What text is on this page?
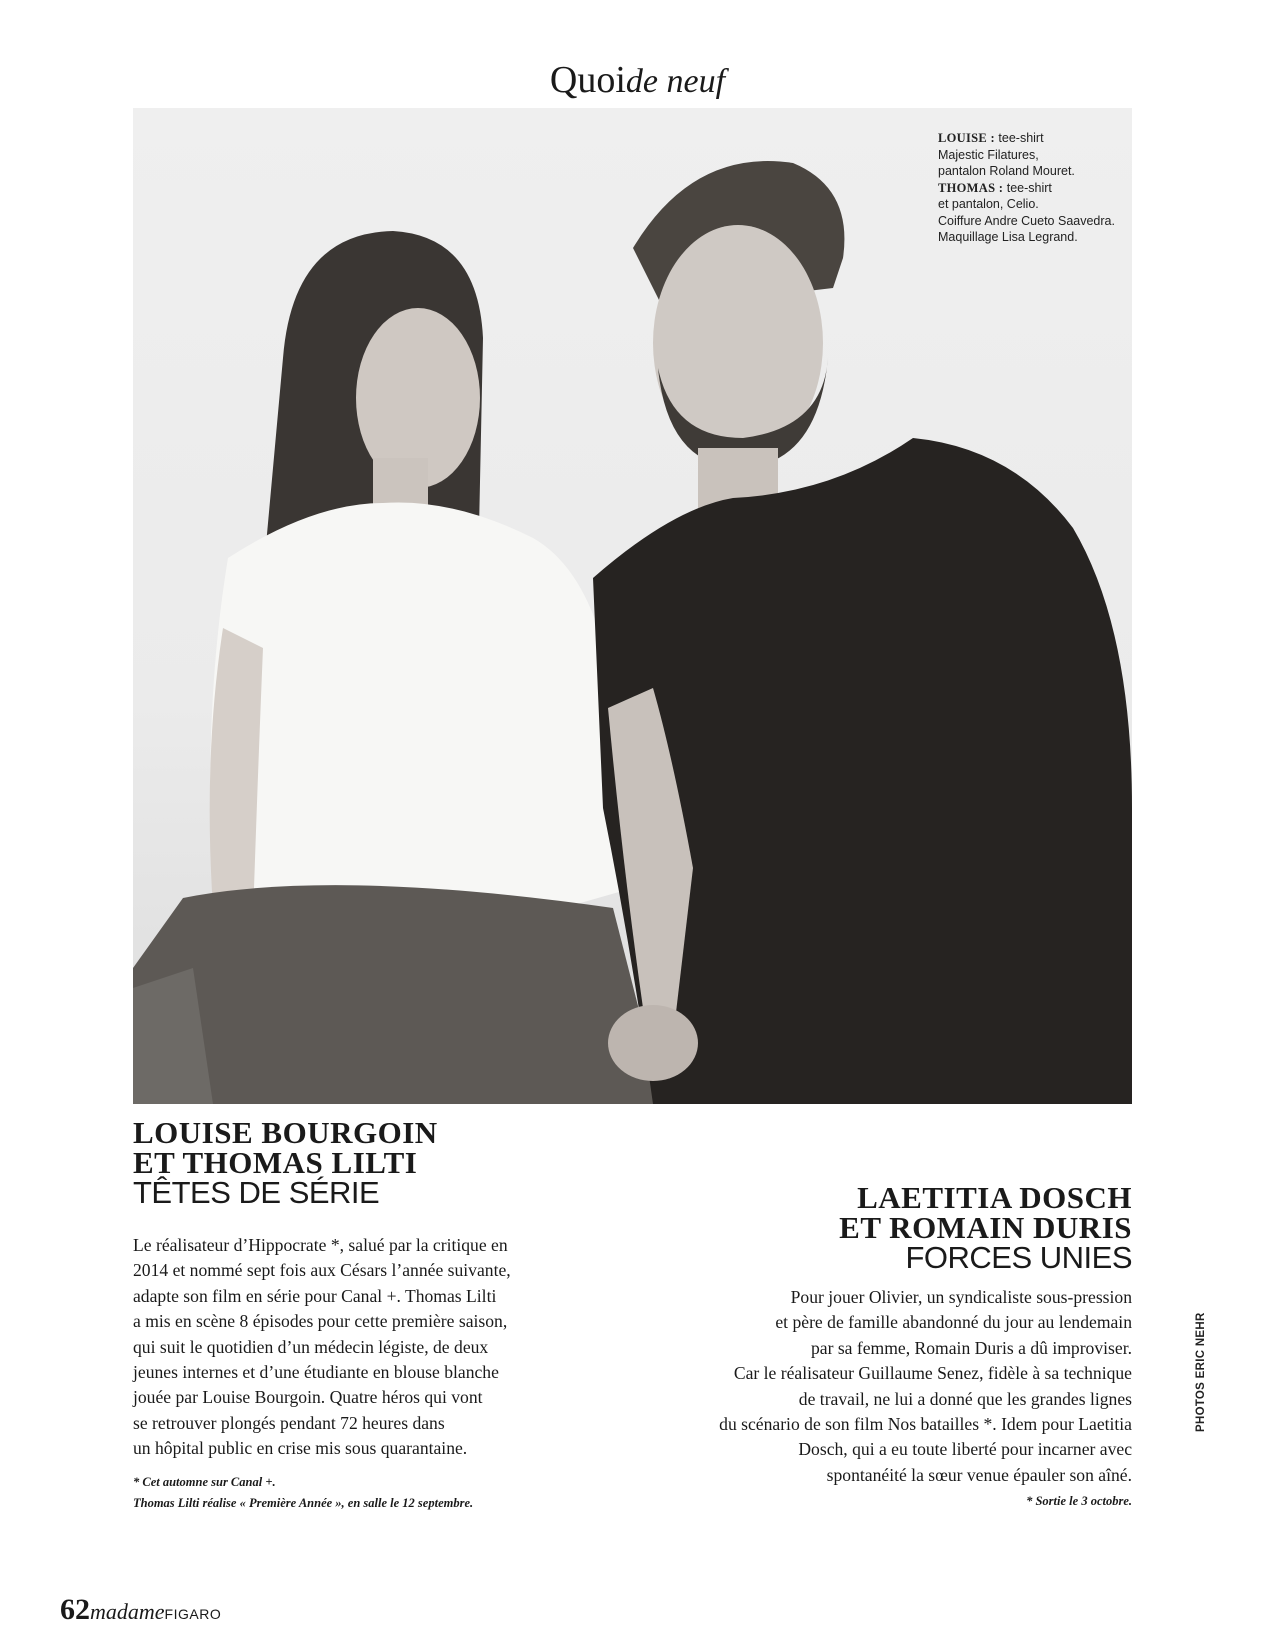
Quoide neuf
LOUISE : tee-shirt
Majestic Filatures,
pantalon Roland Mouret.
THOMAS : tee-shirt
et pantalon, Celio.
Coiffure Andre Cueto Saavedra.
Maquillage Lisa Legrand.
LOUISE BOURGOIN
ET THOMAS LILTI
TÊTES DE SÉRIE
Le réalisateur d’Hippocrate *, salué par la critique en
2014 et nommé sept fois aux Césars l’année suivante,
adapte son film en série pour Canal +. Thomas Lilti
a mis en scène 8 épisodes pour cette première saison,
qui suit le quotidien d’un médecin légiste, de deux
jeunes internes et d’une étudiante en blouse blanche
jouée par Louise Bourgoin. Quatre héros qui vont
se retrouver plongés pendant 72 heures dans
un hôpital public en crise mis sous quarantaine.
* Cet automne sur Canal +.
Thomas Lilti réalise « Première Année », en salle le 12 septembre.
LAETITIA DOSCH
ET ROMAIN DURIS
FORCES UNIES
Pour jouer Olivier, un syndicaliste sous-pression
et père de famille abandonné du jour au lendemain
par sa femme, Romain Duris a dû improviser.
Car le réalisateur Guillaume Senez, fidèle à sa technique
de travail, ne lui a donné que les grandes lignes
du scénario de son film Nos batailles *. Idem pour Laetitia
Dosch, qui a eu toute liberté pour incarner avec
spontanéité la sœur venue épauler son aîné.
* Sortie le 3 octobre.
PHOTOS ERIC NEHR
62madameFIGARO
